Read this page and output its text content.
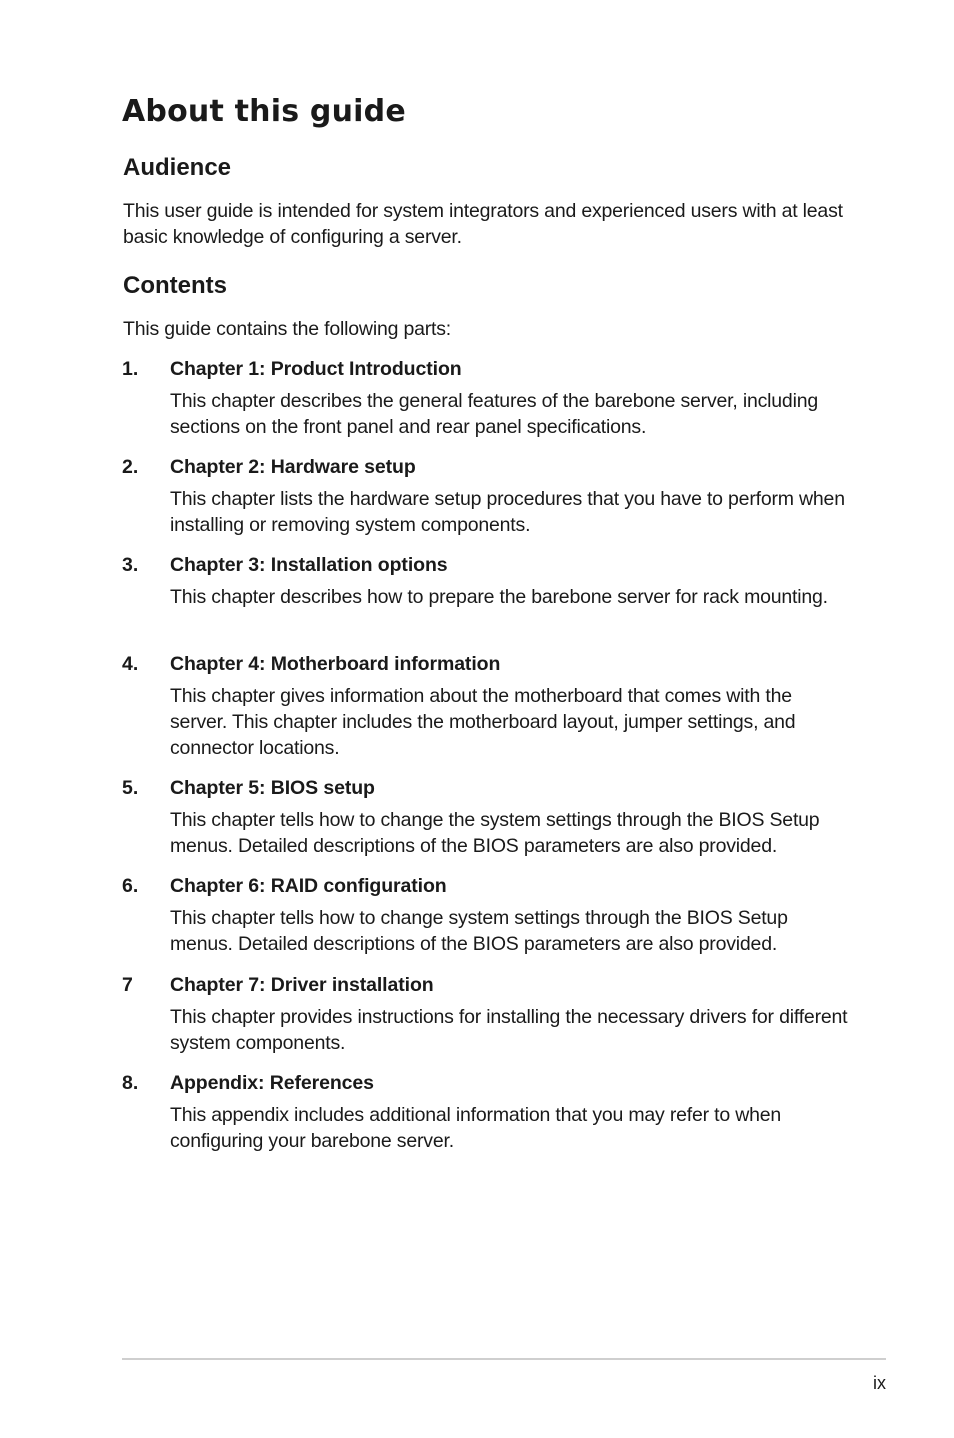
About this guide
Audience

This user guide is intended for system integrators and experienced users with at least basic knowledge of configuring a server.

Contents

This guide contains the following parts:

1. Chapter 1: Product Introduction
This chapter describes the general features of the barebone server, including sections on the front panel and rear panel specifications.
2. Chapter 2: Hardware setup
This chapter lists the hardware setup procedures that you have to perform when installing or removing system components.
3. Chapter 3: Installation options
This chapter describes how to prepare the barebone server for rack mounting.
4. Chapter 4: Motherboard information
This chapter gives information about the motherboard that comes with the server. This chapter includes the motherboard layout, jumper settings, and connector locations.
5. Chapter 5: BIOS setup
This chapter tells how to change the system settings through the BIOS Setup menus. Detailed descriptions of the BIOS parameters are also provided.
6. Chapter 6: RAID configuration
This chapter tells how to change system settings through the BIOS Setup menus. Detailed descriptions of the BIOS parameters are also provided.
7 Chapter 7: Driver installation
This chapter provides instructions for installing the necessary drivers for different system components.
8. Appendix: References
This appendix includes additional information that you may refer to when configuring your barebone server.
ix
